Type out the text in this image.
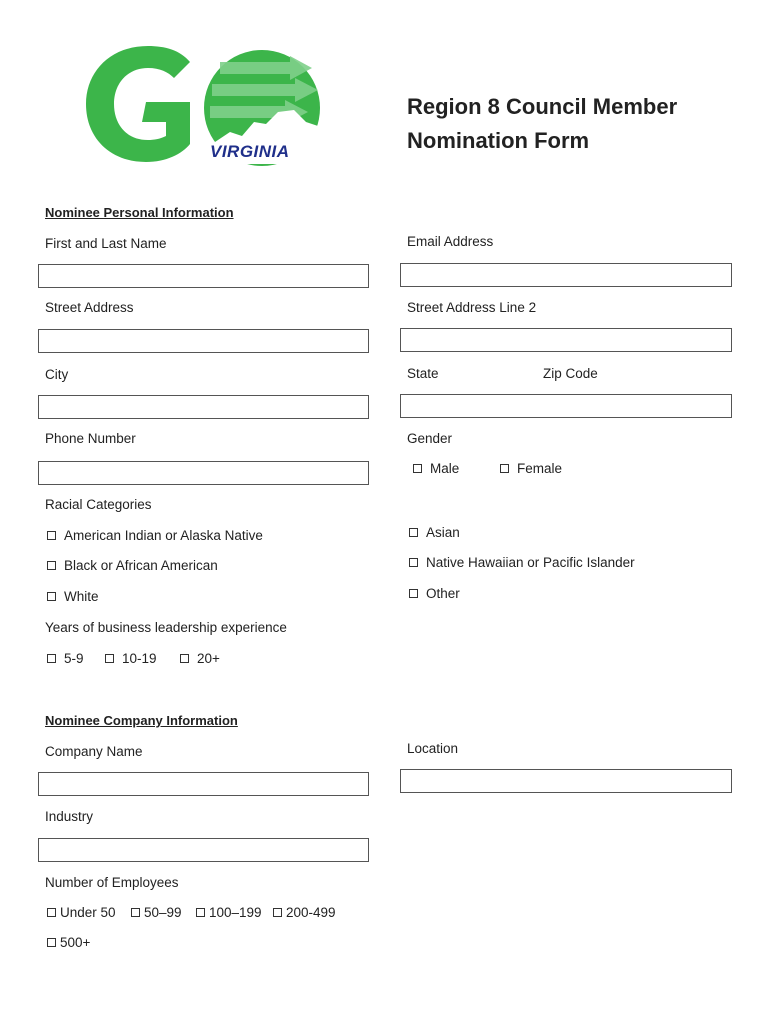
VIRGINIA
Region 8 Council Member
Nomination Form
Nominee Personal Information
First and Last Name	Email Address
Street Address	Street Address Line 2
City	State	Zip Code
Phone Number	Gender
Male	Female
Racial Categories
American Indian or Alaska Native	Asian
Black or African American	Native Hawaiian or Pacific Islander
White	Other
Years of business leadership experience
5-9	10-19	20+
Nominee Company Information
Company Name	Location
Industry
Number of Employees
Under 50 50–99 100–199 200-499
500+
